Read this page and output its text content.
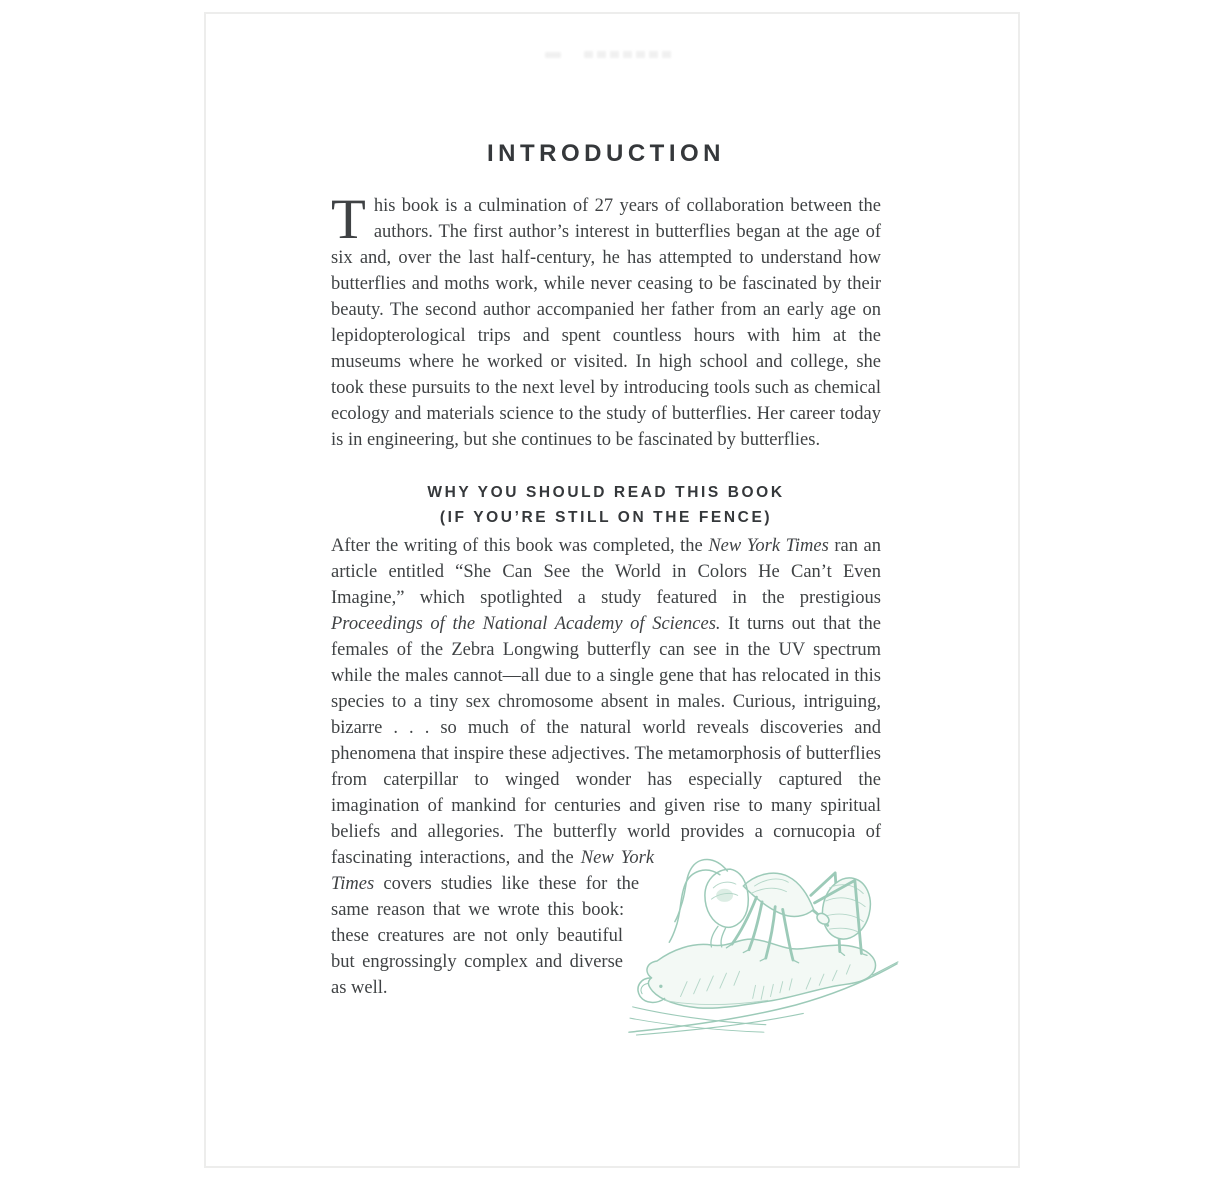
INTRODUCTION

This book is a culmination of 27 years of collaboration between the authors. The first author’s interest in butterflies began at the age of six and, over the last half-century, he has attempted to understand how butterflies and moths work, while never ceasing to be fascinated by their beauty. The second author accompanied her father from an early age on lepidopterological trips and spent countless hours with him at the museums where he worked or visited. In high school and college, she took these pursuits to the next level by introducing tools such as chemical ecology and materials science to the study of butterflies. Her career today is in engineering, but she continues to be fascinated by butterflies.

WHY YOU SHOULD READ THIS BOOK
(IF YOU’RE STILL ON THE FENCE)

After the writing of this book was completed, the New York Times ran an article entitled “She Can See the World in Colors He Can’t Even Imagine,” which spotlighted a study featured in the prestigious Proceedings of the National Academy of Sciences. It turns out that the females of the Zebra Longwing butterfly can see in the UV spectrum while the males cannot—all due to a single gene that has relocated in this species to a tiny sex chromosome absent in males. Curious, intriguing, bizarre . . . so much of the natural world reveals discoveries and phenomena that inspire these adjectives. The metamorphosis of butterflies from caterpillar to winged wonder has especially captured the imagination of mankind for centuries and given rise to many spiritual beliefs and allegories. The butterfly world provides
a cornucopia of fascinating interactions, and the New York Times covers studies like these for the same reason that we wrote this book: these creatures are not only beautiful but engrossingly complex and diverse as well.
